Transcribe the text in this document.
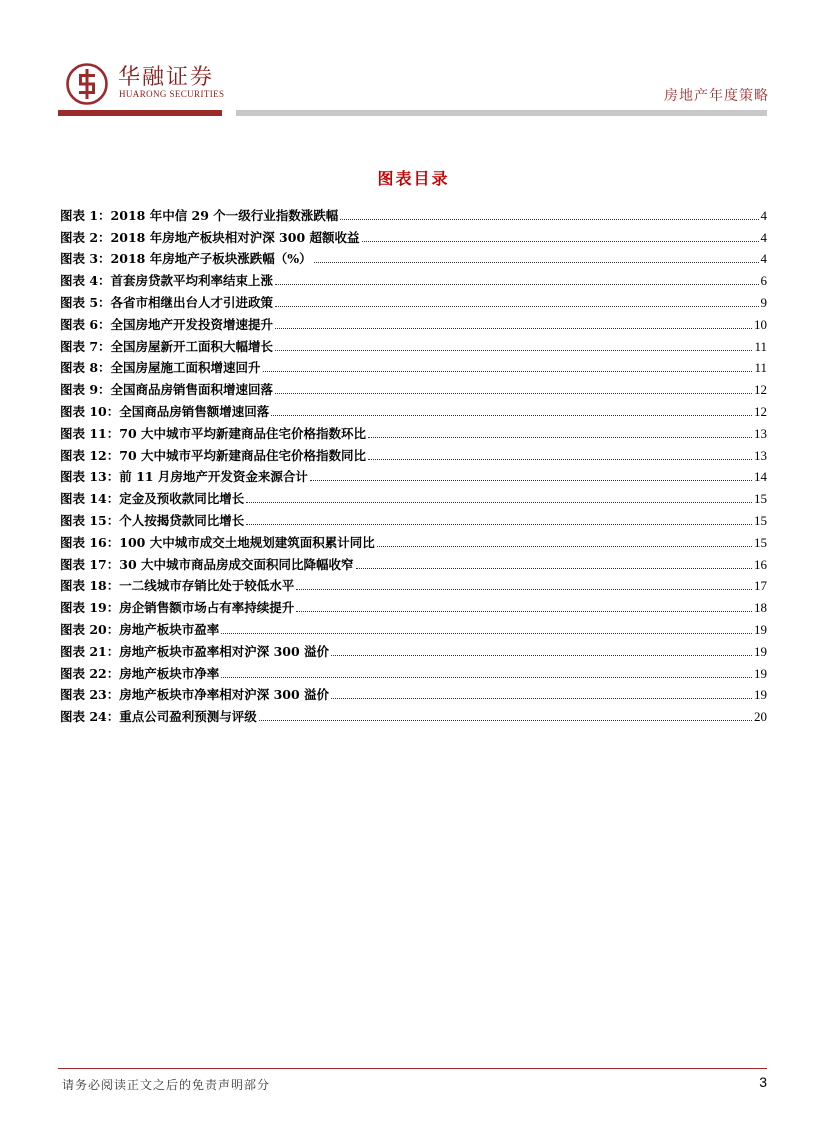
华融证券
HUARONG SECURITIES	房地产年度策略
图表目录
图表 1：2018 年中信 29 个一级行业指数涨跌幅	4
图表 2：2018 年房地产板块相对沪深 300 超额收益	4
图表 3：2018 年房地产子板块涨跌幅（%）	4
图表 4：首套房贷款平均利率结束上涨	6
图表 5：各省市相继出台人才引进政策	9
图表 6：全国房地产开发投资增速提升	10
图表 7：全国房屋新开工面积大幅增长	11
图表 8：全国房屋施工面积增速回升	11
图表 9：全国商品房销售面积增速回落	12
图表 10：全国商品房销售额增速回落	12
图表 11：70 大中城市平均新建商品住宅价格指数环比	13
图表 12：70 大中城市平均新建商品住宅价格指数同比	13
图表 13：前 11 月房地产开发资金来源合计	14
图表 14：定金及预收款同比增长	15
图表 15：个人按揭贷款同比增长	15
图表 16：100 大中城市成交土地规划建筑面积累计同比	15
图表 17：30 大中城市商品房成交面积同比降幅收窄	16
图表 18：一二线城市存销比处于较低水平	17
图表 19：房企销售额市场占有率持续提升	18
图表 20：房地产板块市盈率	19
图表 21：房地产板块市盈率相对沪深 300 溢价	19
图表 22：房地产板块市净率	19
图表 23：房地产板块市净率相对沪深 300 溢价	19
图表 24：重点公司盈利预测与评级	20
请务必阅读正文之后的免责声明部分	3
